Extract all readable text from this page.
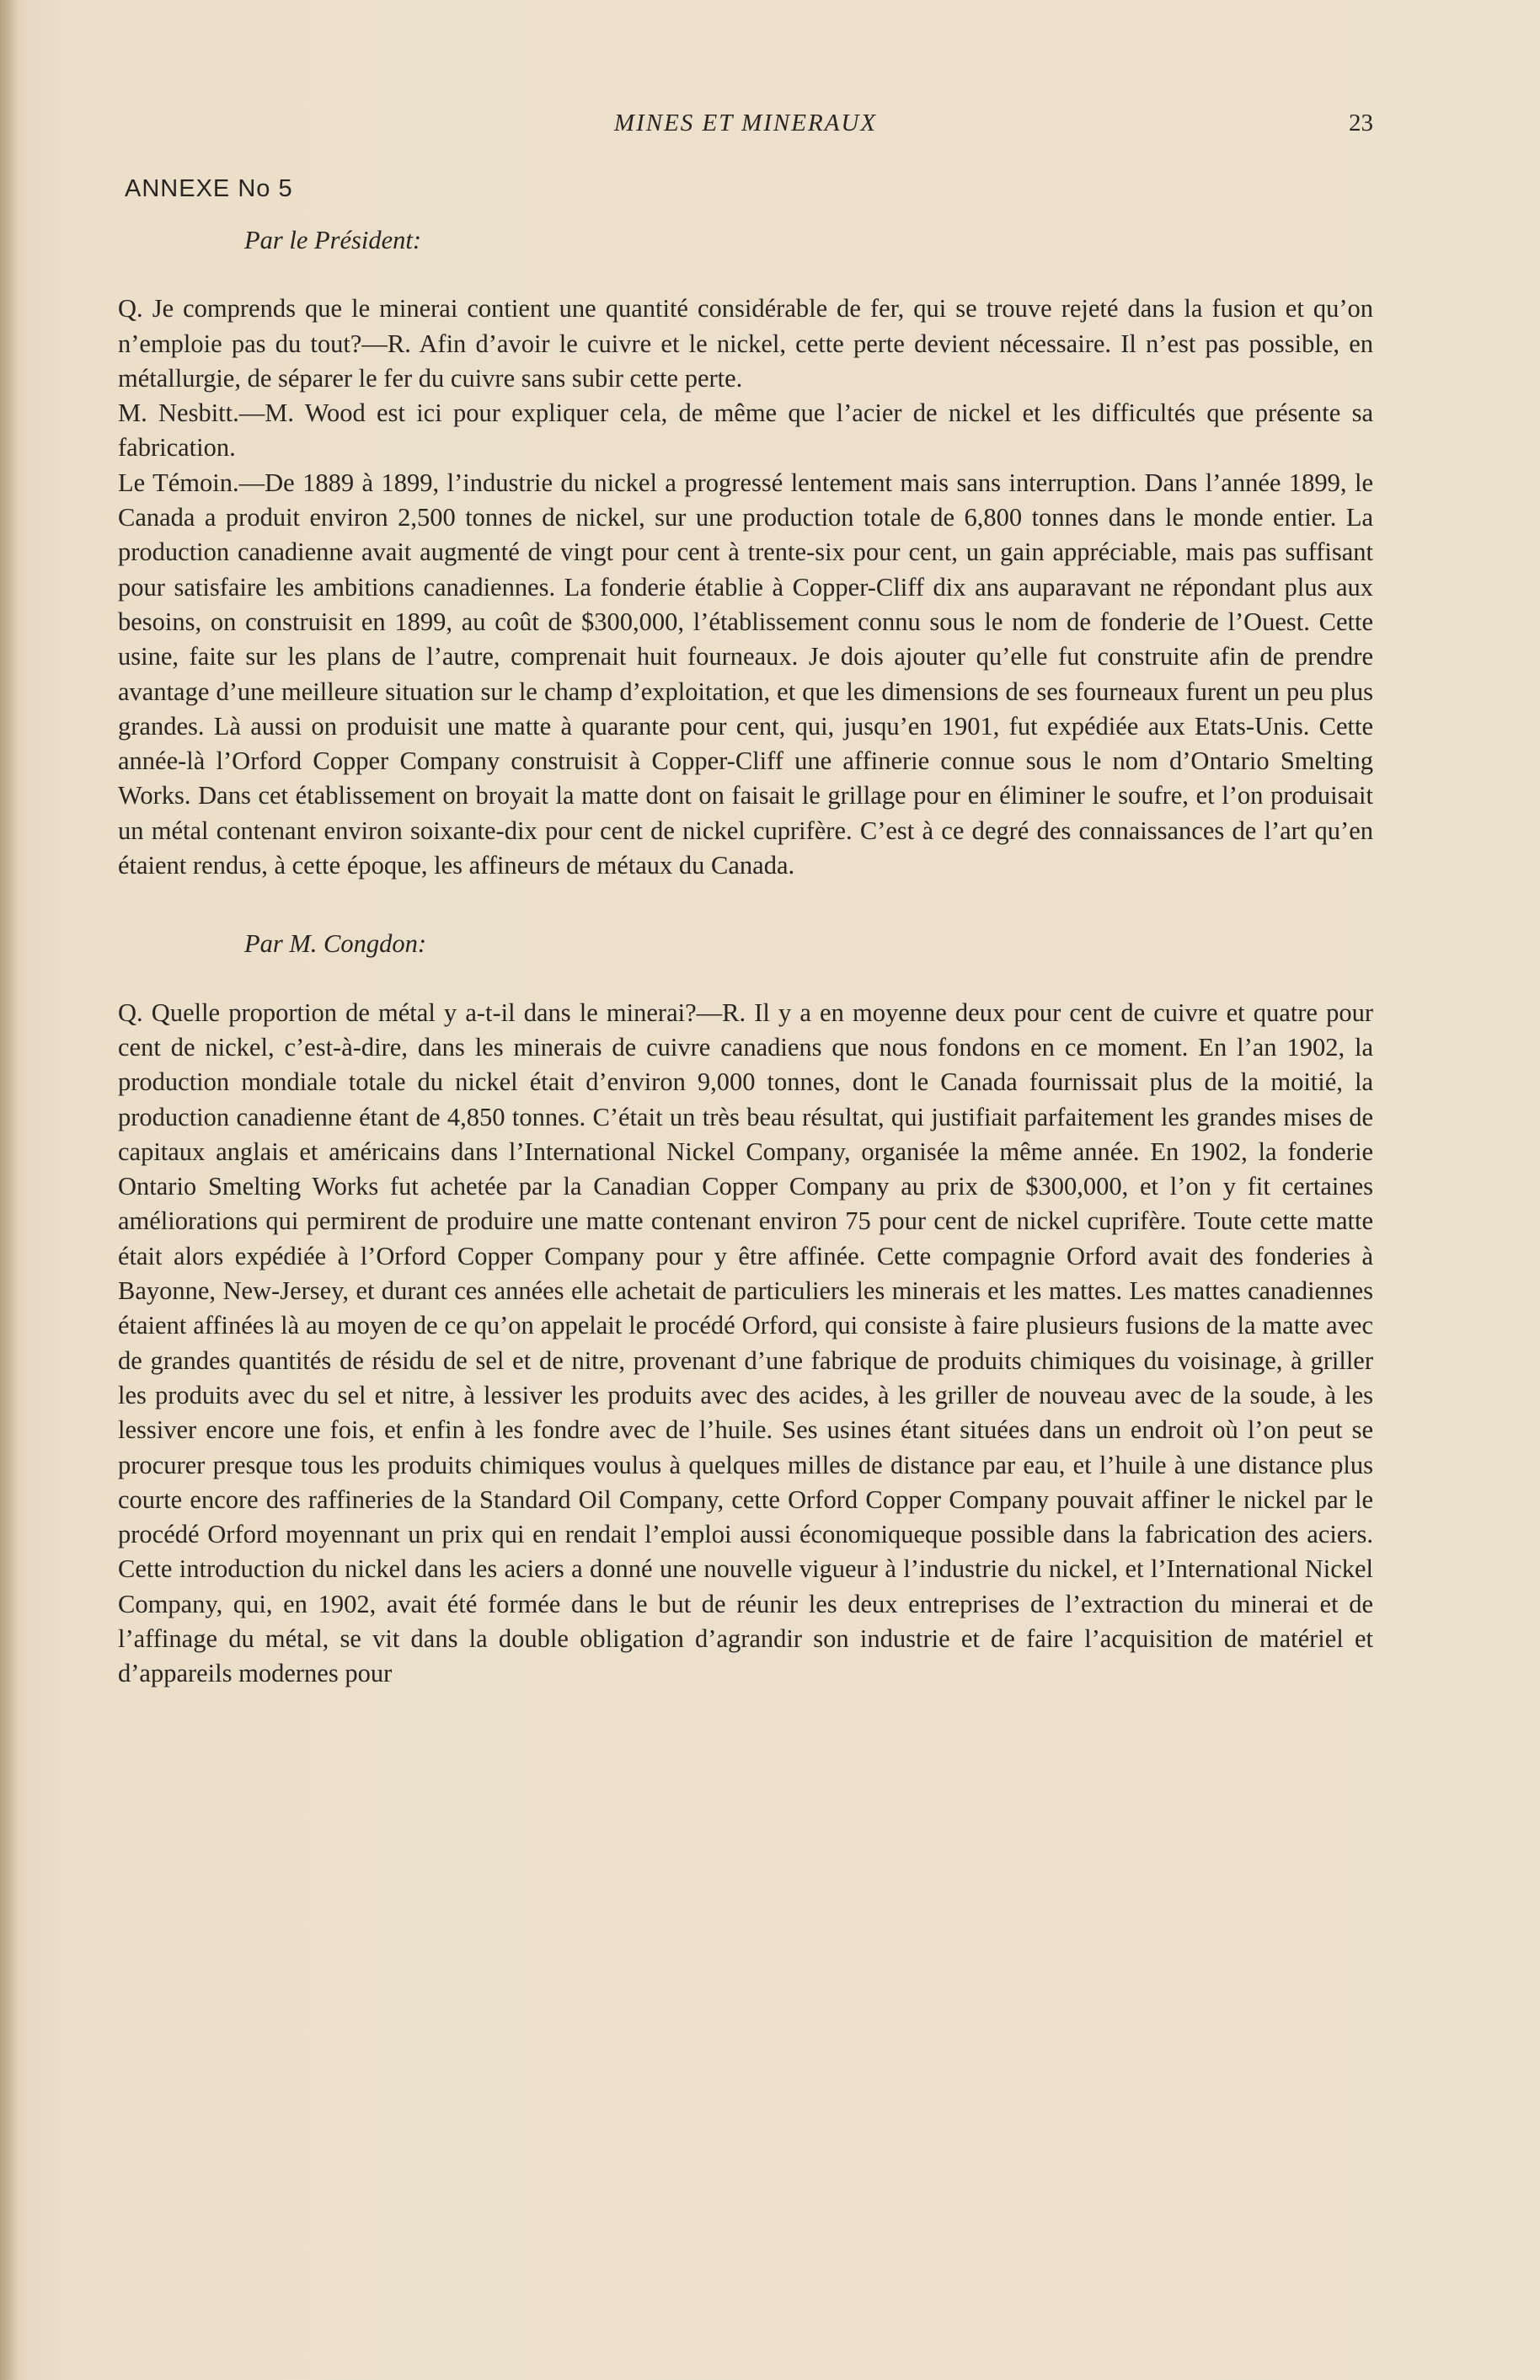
MINES ET MINERAUX	23
ANNEXE No 5
Par le Président:

Q. Je comprends que le minerai contient une quantité considérable de fer, qui se trouve rejeté dans la fusion et qu’on n’emploie pas du tout?—R. Afin d’avoir le cuivre et le nickel, cette perte devient nécessaire. Il n’est pas possible, en métallurgie, de séparer le fer du cuivre sans subir cette perte.

M. Nesbitt.—M. Wood est ici pour expliquer cela, de même que l’acier de nickel et les difficultés que présente sa fabrication.

Le Témoin.—De 1889 à 1899, l’industrie du nickel a progressé lentement mais sans interruption. Dans l’année 1899, le Canada a produit environ 2,500 tonnes de nickel, sur une production totale de 6,800 tonnes dans le monde entier. La production canadienne avait augmenté de vingt pour cent à trente-six pour cent, un gain appréciable, mais pas suffisant pour satisfaire les ambitions canadiennes. La fonderie établie à Copper-Cliff dix ans auparavant ne répondant plus aux besoins, on construisit en 1899, au coût de $300,000, l’établissement connu sous le nom de fonderie de l’Ouest. Cette usine, faite sur les plans de l’autre, comprenait huit fourneaux. Je dois ajouter qu’elle fut construite afin de prendre avantage d’une meilleure situation sur le champ d’exploitation, et que les dimensions de ses fourneaux furent un peu plus grandes. Là aussi on produisit une matte à quarante pour cent, qui, jusqu’en 1901, fut expédiée aux Etats-Unis. Cette année-là l’Orford Copper Company construisit à Copper-Cliff une affinerie connue sous le nom d’Ontario Smelting Works. Dans cet établissement on broyait la matte dont on faisait le grillage pour en éliminer le soufre, et l’on produisait un métal contenant environ soixante-dix pour cent de nickel cuprifère. C’est à ce degré des connaissances de l’art qu’en étaient rendus, à cette époque, les affineurs de métaux du Canada.

Par M. Congdon:

Q. Quelle proportion de métal y a-t-il dans le minerai?—R. Il y a en moyenne deux pour cent de cuivre et quatre pour cent de nickel, c’est-à-dire, dans les minerais de cuivre canadiens que nous fondons en ce moment. En l’an 1902, la production mondiale totale du nickel était d’environ 9,000 tonnes, dont le Canada fournissait plus de la moitié, la production canadienne étant de 4,850 tonnes. C’était un très beau résultat, qui justifiait parfaitement les grandes mises de capitaux anglais et américains dans l’International Nickel Company, organisée la même année. En 1902, la fonderie Ontario Smelting Works fut achetée par la Canadian Copper Company au prix de $300,000, et l’on y fit certaines améliorations qui permirent de produire une matte contenant environ 75 pour cent de nickel cuprifère. Toute cette matte était alors expédiée à l’Orford Copper Company pour y être affinée. Cette compagnie Orford avait des fonderies à Bayonne, New-Jersey, et durant ces années elle achetait de particuliers les minerais et les mattes. Les mattes canadiennes étaient affinées là au moyen de ce qu’on appelait le procédé Orford, qui consiste à faire plusieurs fusions de la matte avec de grandes quantités de résidu de sel et de nitre, provenant d’une fabrique de produits chimiques du voisinage, à griller les produits avec du sel et nitre, à lessiver les produits avec des acides, à les griller de nouveau avec de la soude, à les lessiver encore une fois, et enfin à les fondre avec de l’huile. Ses usines étant situées dans un endroit où l’on peut se procurer presque tous les produits chimiques voulus à quelques milles de distance par eau, et l’huile à une distance plus courte encore des raffineries de la Standard Oil Company, cette Orford Copper Company pouvait affiner le nickel par le procédé Orford moyennant un prix qui en rendait l’emploi aussi économiqueque possible dans la fabrication des aciers. Cette introduction du nickel dans les aciers a donné une nouvelle vigueur à l’industrie du nickel, et l’International Nickel Company, qui, en 1902, avait été formée dans le but de réunir les deux entreprises de l’extraction du minerai et de l’affinage du métal, se vit dans la double obligation d’agrandir son industrie et de faire l’acquisition de matériel et d’appareils modernes pour
